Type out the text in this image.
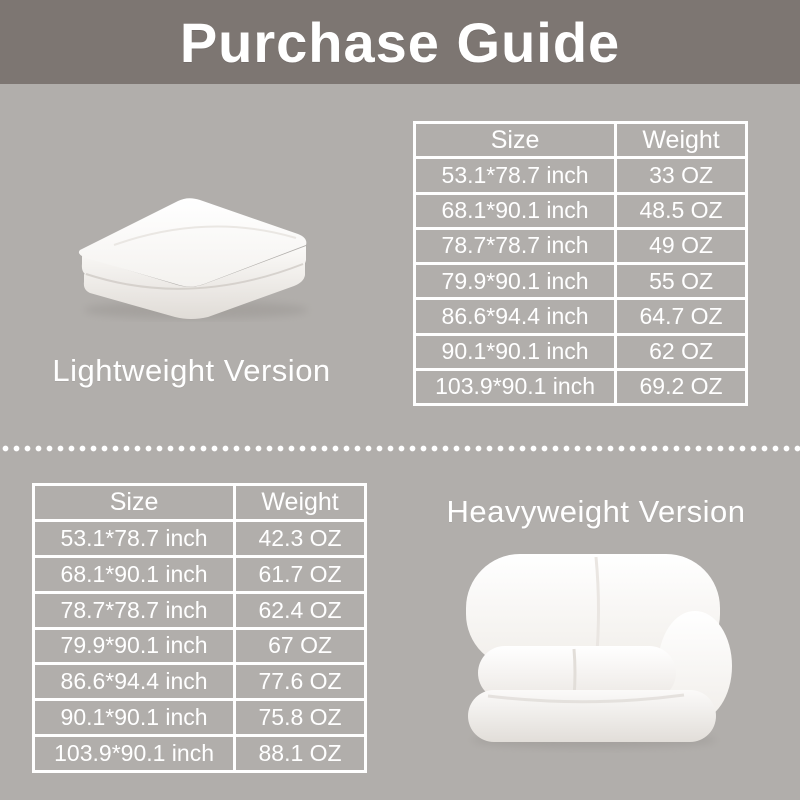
Purchase Guide
Lightweight Version
Size	Weight
53.1*78.7 inch	33 OZ
68.1*90.1 inch	48.5 OZ
78.7*78.7 inch	49 OZ
79.9*90.1 inch	55 OZ
86.6*94.4 inch	64.7 OZ
90.1*90.1 inch	62 OZ
103.9*90.1 inch	69.2 OZ
Size	Weight
53.1*78.7 inch	42.3 OZ
68.1*90.1 inch	61.7 OZ
78.7*78.7 inch	62.4 OZ
79.9*90.1 inch	67 OZ
86.6*94.4 inch	77.6 OZ
90.1*90.1 inch	75.8 OZ
103.9*90.1 inch	88.1 OZ
Heavyweight Version
